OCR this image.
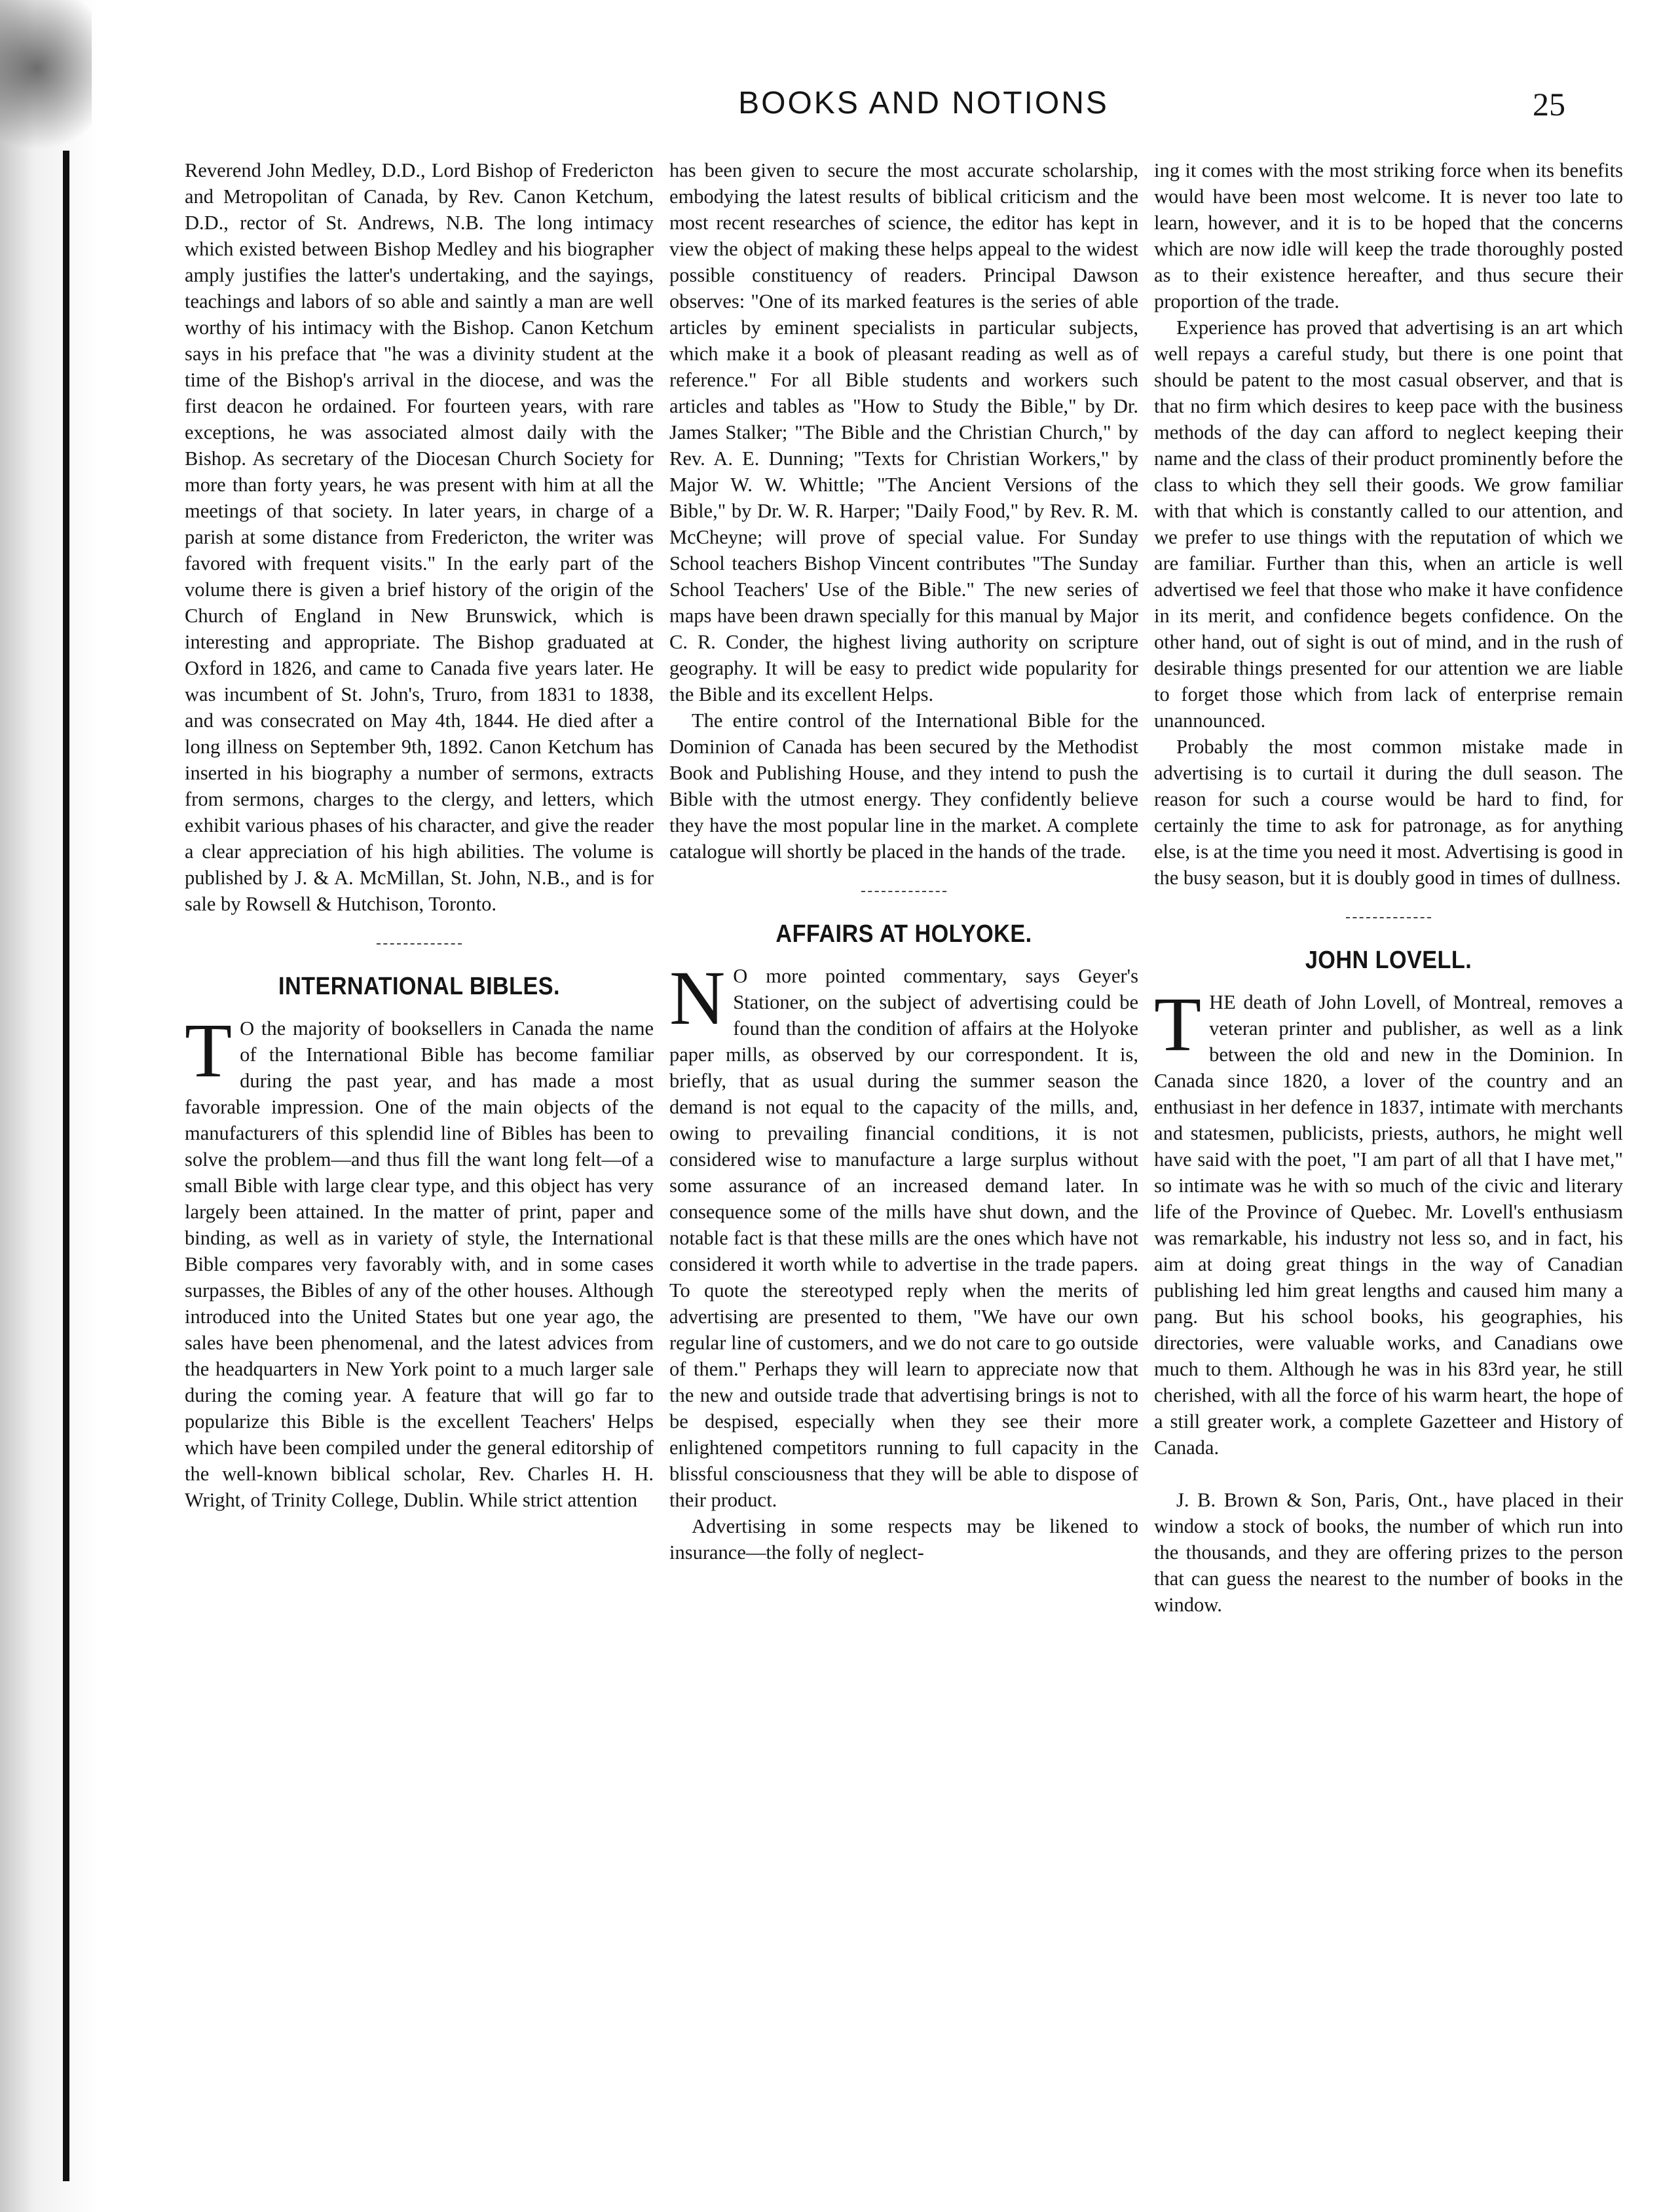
BOOKS AND NOTIONS	25

Reverend John Medley, D.D., Lord Bishop of Fredericton and Metropolitan of Canada, by Rev. Canon Ketchum, D.D., rector of St. Andrews, N.B. The long intimacy which existed between Bishop Medley and his biographer amply justifies the latter's undertaking, and the sayings, teachings and labors of so able and saintly a man are well worthy of his intimacy with the Bishop. Canon Ketchum says in his preface that "he was a divinity student at the time of the Bishop's arrival in the diocese, and was the first deacon he ordained. For fourteen years, with rare exceptions, he was associated almost daily with the Bishop. As secretary of the Diocesan Church Society for more than forty years, he was present with him at all the meetings of that society. In later years, in charge of a parish at some distance from Fredericton, the writer was favored with frequent visits." In the early part of the volume there is given a brief history of the origin of the Church of England in New Brunswick, which is interesting and appropriate. The Bishop graduated at Oxford in 1826, and came to Canada five years later. He was incumbent of St. John's, Truro, from 1831 to 1838, and was consecrated on May 4th, 1844. He died after a long illness on September 9th, 1892. Canon Ketchum has inserted in his biography a number of sermons, extracts from sermons, charges to the clergy, and letters, which exhibit various phases of his character, and give the reader a clear appreciation of his high abilities. The volume is published by J. & A. McMillan, St. John, N.B., and is for sale by Rowsell & Hutchison, Toronto.

INTERNATIONAL BIBLES.

T O the majority of booksellers in Canada the name of the International Bible has become familiar during the past year, and has made a most favorable impression. One of the main objects of the manufacturers of this splendid line of Bibles has been to solve the problem—and thus fill the want long felt—of a small Bible with large clear type, and this object has very largely been attained. In the matter of print, paper and binding, as well as in variety of style, the International Bible compares very favorably with, and in some cases surpasses, the Bibles of any of the other houses. Although introduced into the United States but one year ago, the sales have been phenomenal, and the latest advices from the headquarters in New York point to a much larger sale during the coming year. A feature that will go far to popularize this Bible is the excellent Teachers' Helps which have been compiled under the general editorship of the well-known biblical scholar, Rev. Charles H. H. Wright, of Trinity College, Dublin. While strict attention

has been given to secure the most accurate scholarship, embodying the latest results of biblical criticism and the most recent researches of science, the editor has kept in view the object of making these helps appeal to the widest possible constituency of readers. Principal Dawson observes: "One of its marked features is the series of able articles by eminent specialists in particular subjects, which make it a book of pleasant reading as well as of reference." For all Bible students and workers such articles and tables as "How to Study the Bible," by Dr. James Stalker; "The Bible and the Christian Church," by Rev. A. E. Dunning; "Texts for Christian Workers," by Major W. W. Whittle; "The Ancient Versions of the Bible," by Dr. W. R. Harper; "Daily Food," by Rev. R. M. McCheyne; will prove of special value. For Sunday School teachers Bishop Vincent contributes "The Sunday School Teachers' Use of the Bible." The new series of maps have been drawn specially for this manual by Major C. R. Conder, the highest living authority on scripture geography. It will be easy to predict wide popularity for the Bible and its excellent Helps.

The entire control of the International Bible for the Dominion of Canada has been secured by the Methodist Book and Publishing House, and they intend to push the Bible with the utmost energy. They confidently believe they have the most popular line in the market. A complete catalogue will shortly be placed in the hands of the trade.

AFFAIRS AT HOLYOKE.

N O more pointed commentary, says Geyer's Stationer, on the subject of advertising could be found than the condition of affairs at the Holyoke paper mills, as observed by our correspondent. It is, briefly, that as usual during the summer season the demand is not equal to the capacity of the mills, and, owing to prevailing financial conditions, it is not considered wise to manufacture a large surplus without some assurance of an increased demand later. In consequence some of the mills have shut down, and the notable fact is that these mills are the ones which have not considered it worth while to advertise in the trade papers. To quote the stereotyped reply when the merits of advertising are presented to them, "We have our own regular line of customers, and we do not care to go outside of them." Perhaps they will learn to appreciate now that the new and outside trade that advertising brings is not to be despised, especially when they see their more enlightened competitors running to full capacity in the blissful consciousness that they will be able to dispose of their product.

Advertising in some respects may be likened to insurance—the folly of neglect-

ing it comes with the most striking force when its benefits would have been most welcome. It is never too late to learn, however, and it is to be hoped that the concerns which are now idle will keep the trade thoroughly posted as to their existence hereafter, and thus secure their proportion of the trade.

Experience has proved that advertising is an art which well repays a careful study, but there is one point that should be patent to the most casual observer, and that is that no firm which desires to keep pace with the business methods of the day can afford to neglect keeping their name and the class of their product prominently before the class to which they sell their goods. We grow familiar with that which is constantly called to our attention, and we prefer to use things with the reputation of which we are familiar. Further than this, when an article is well advertised we feel that those who make it have confidence in its merit, and confidence begets confidence. On the other hand, out of sight is out of mind, and in the rush of desirable things presented for our attention we are liable to forget those which from lack of enterprise remain unannounced.

Probably the most common mistake made in advertising is to curtail it during the dull season. The reason for such a course would be hard to find, for certainly the time to ask for patronage, as for anything else, is at the time you need it most. Advertising is good in the busy season, but it is doubly good in times of dullness.

JOHN LOVELL.

THE death of John Lovell, of Montreal, removes a veteran printer and publisher, as well as a link between the old and new in the Dominion. In Canada since 1820, a lover of the country and an enthusiast in her defence in 1837, intimate with merchants and statesmen, publicists, priests, authors, he might well have said with the poet, "I am part of all that I have met," so intimate was he with so much of the civic and literary life of the Province of Quebec. Mr. Lovell's enthusiasm was remarkable, his industry not less so, and in fact, his aim at doing great things in the way of Canadian publishing led him great lengths and caused him many a pang. But his school books, his geographies, his directories, were valuable works, and Canadians owe much to them. Although he was in his 83rd year, he still cherished, with all the force of his warm heart, the hope of a still greater work, a complete Gazetteer and History of Canada.

J. B. Brown & Son, Paris, Ont., have placed in their window a stock of books, the number of which run into the thousands, and they are offering prizes to the person that can guess the nearest to the number of books in the window.
